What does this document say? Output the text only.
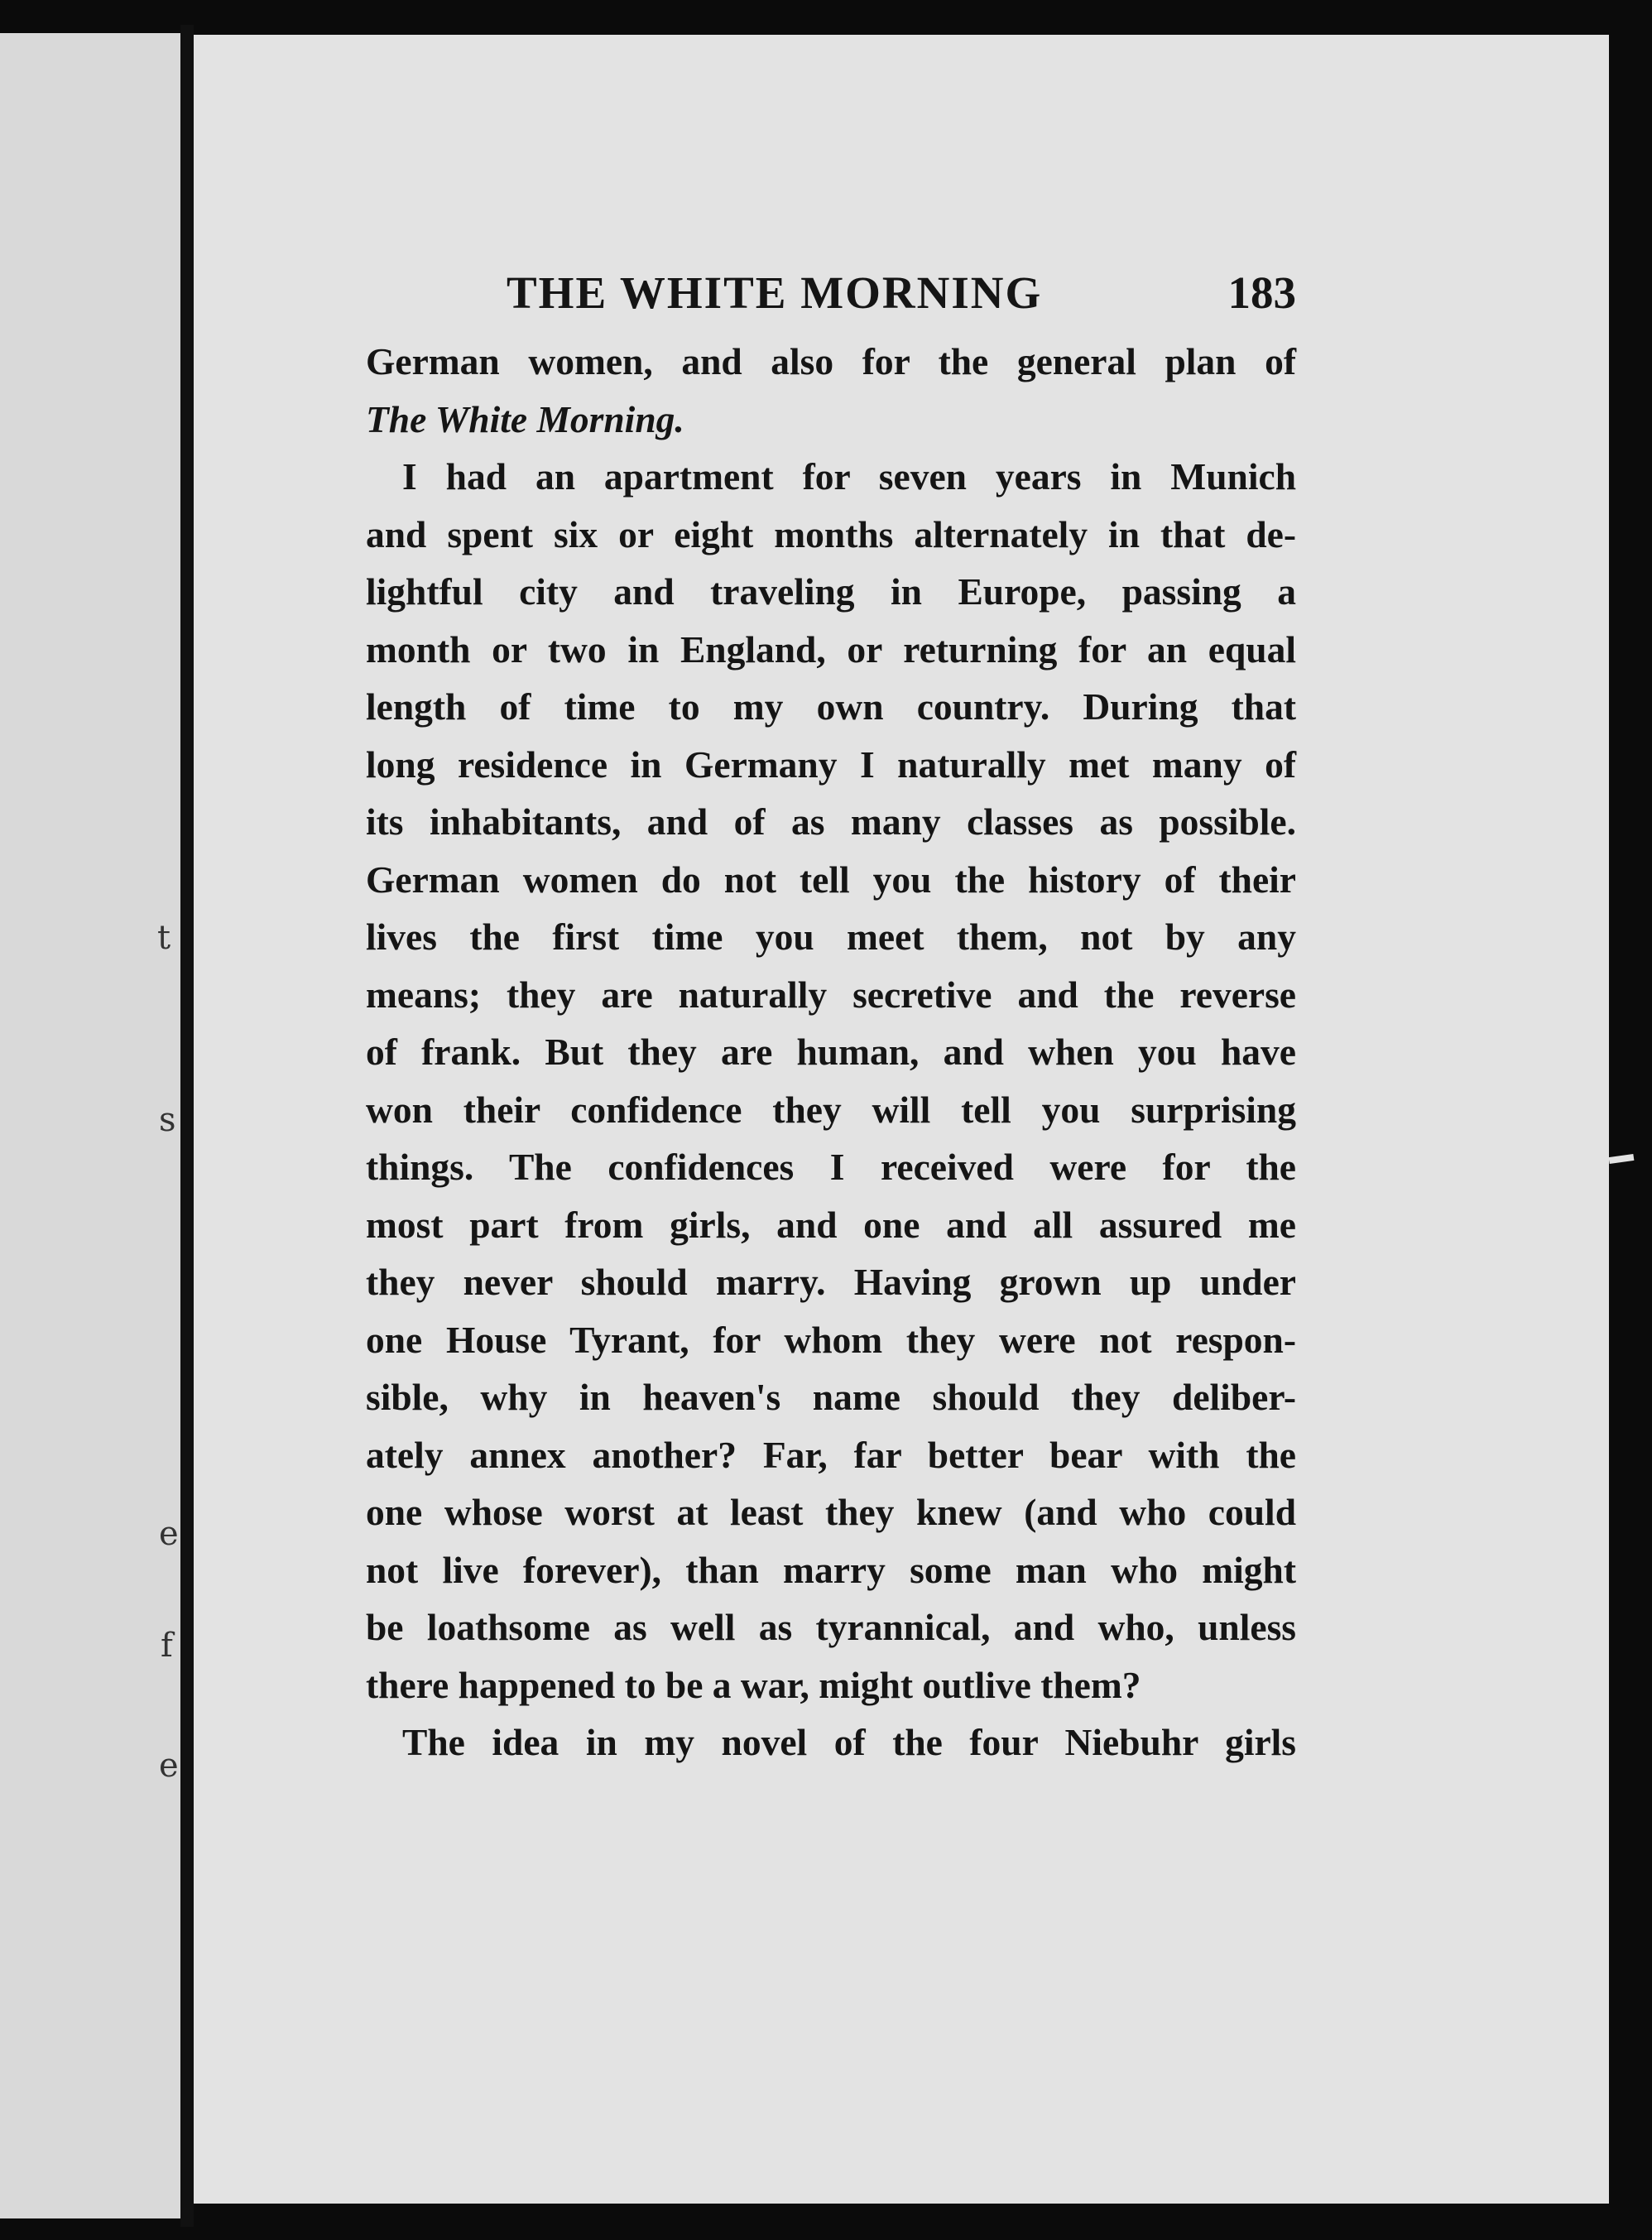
t
s
e
f
e
THE WHITE MORNING	183
German women, and also for the general plan of
The White Morning.
I had an apartment for seven years in Munich
and spent six or eight months alternately in that de-
lightful city and traveling in Europe, passing a
month or two in England, or returning for an equal
length of time to my own country. During that
long residence in Germany I naturally met many of
its inhabitants, and of as many classes as possible.
German women do not tell you the history of their
lives the first time you meet them, not by any
means; they are naturally secretive and the reverse
of frank. But they are human, and when you have
won their confidence they will tell you surprising
things. The confidences I received were for the
most part from girls, and one and all assured me
they never should marry. Having grown up under
one House Tyrant, for whom they were not respon-
sible, why in heaven's name should they deliber-
ately annex another? Far, far better bear with the
one whose worst at least they knew (and who could
not live forever), than marry some man who might
be loathsome as well as tyrannical, and who, unless
there happened to be a war, might outlive them?
The idea in my novel of the four Niebuhr girls
